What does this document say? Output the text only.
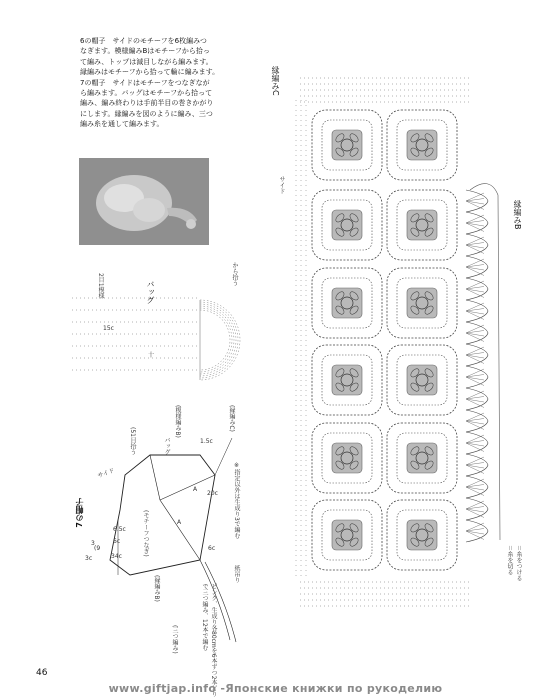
6の帽子　サイドのモチーフを6枚編みつ
なぎます。模様編みBはモチーフから拾っ
て編み、トップは減目しながら編みます。
縁編みはモチーフから拾って輪に編みます。

7の帽子　サイドはモチーフをつなぎなが
ら編みます。バッグはモチーフから拾って
編み、編み終わりは手前半目の巻きかがり
にします。縁編みを図のように編み、三つ
編み糸を通して編みます。

縁編みC
縁編みB
サイド
＝糸をつける
＝糸を切る
2目1模様	バッグ
から拾う
15c
十
7の帽子
サイド
(51目拾う	バッグ
(模様編みB)	(縁編みC)
1.5c
(モチーフつなぎ)
A
A
20c
6.5c
6c
34c
3c
(9
3
※指定以外は生成り3で編む
(縁編みB)
(三つ編み)	ピンク、生成り各80cmを6本ずつ2本どりで三つ編み、12本で編む
6c
紙吊り
46
www.giftjap.info -Японские книжки по рукоделию
